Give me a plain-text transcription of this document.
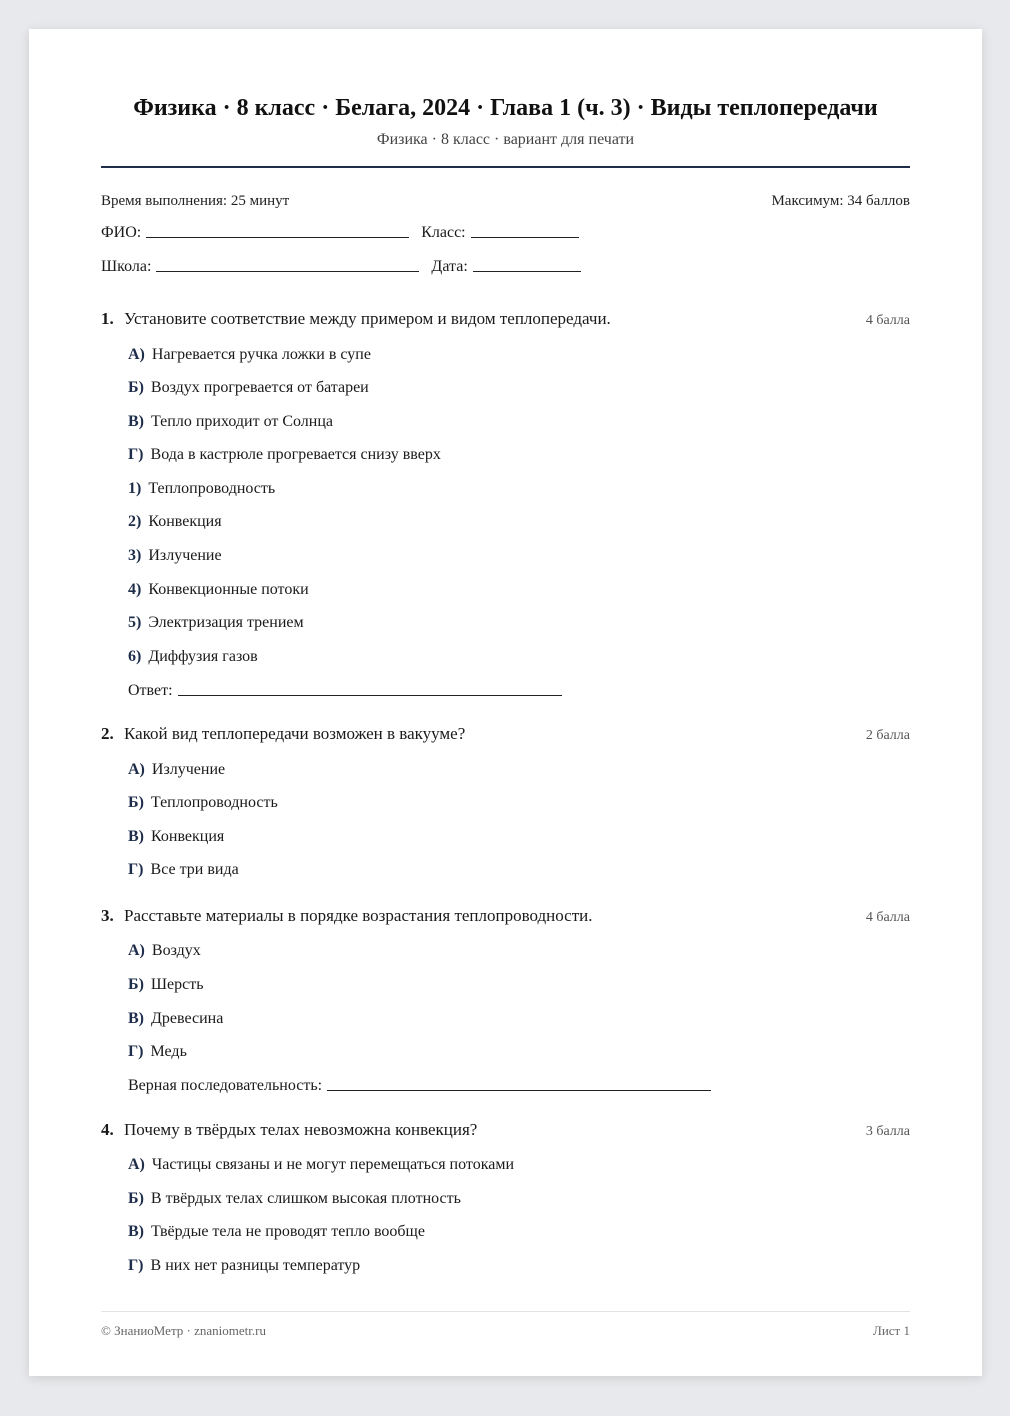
Физика · 8 класс · Белага, 2024 · Глава 1 (ч. 3) · Виды теплопередачи
Физика · 8 класс · вариант для печати
Время выполнения: 25 минут	Максимум: 34 баллов
ФИО:	Класс:
Школа:	Дата:
1. Установите соответствие между примером и видом теплопередачи.	4 балла
А) Нагревается ручка ложки в супе
Б) Воздух прогревается от батареи
В) Тепло приходит от Солнца
Г) Вода в кастрюле прогревается снизу вверх
1) Теплопроводность
2) Конвекция
3) Излучение
4) Конвекционные потоки
5) Электризация трением
6) Диффузия газов
Ответ:
2. Какой вид теплопередачи возможен в вакууме?	2 балла
А) Излучение
Б) Теплопроводность
В) Конвекция
Г) Все три вида
3. Расставьте материалы в порядке возрастания теплопроводности.	4 балла
А) Воздух
Б) Шерсть
В) Древесина
Г) Медь
Верная последовательность:
4. Почему в твёрдых телах невозможна конвекция?	3 балла
А) Частицы связаны и не могут перемещаться потоками
Б) В твёрдых телах слишком высокая плотность
В) Твёрдые тела не проводят тепло вообще
Г) В них нет разницы температур
© ЗнаниоМетр · znaniometr.ru	Лист 1
